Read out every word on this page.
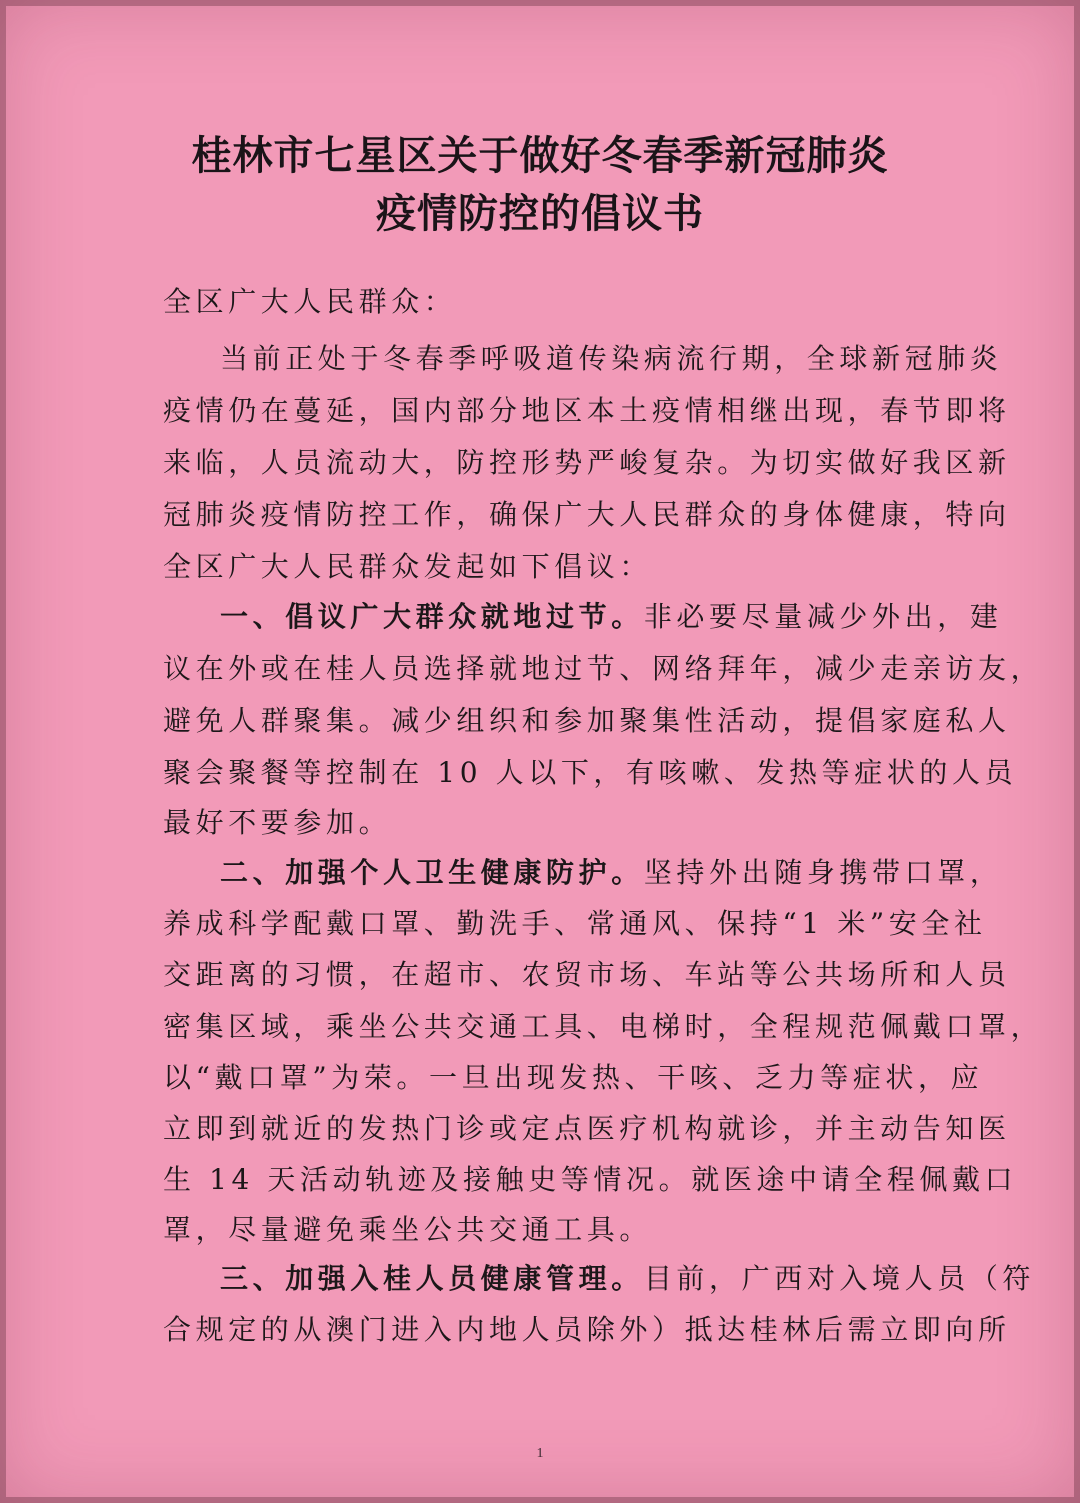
桂林市七星区关于做好冬春季新冠肺炎
疫情防控的倡议书
全区广大人民群众：
当前正处于冬春季呼吸道传染病流行期，全球新冠肺炎
疫情仍在蔓延，国内部分地区本土疫情相继出现，春节即将
来临，人员流动大，防控形势严峻复杂。为切实做好我区新
冠肺炎疫情防控工作，确保广大人民群众的身体健康，特向
全区广大人民群众发起如下倡议：
一、倡议广大群众就地过节。非必要尽量减少外出，建
议在外或在桂人员选择就地过节、网络拜年，减少走亲访友，
避免人群聚集。减少组织和参加聚集性活动，提倡家庭私人
聚会聚餐等控制在 10 人以下，有咳嗽、发热等症状的人员
最好不要参加。
二、加强个人卫生健康防护。坚持外出随身携带口罩，
养成科学配戴口罩、勤洗手、常通风、保持“1 米”安全社
交距离的习惯，在超市、农贸市场、车站等公共场所和人员
密集区域，乘坐公共交通工具、电梯时，全程规范佩戴口罩，
以“戴口罩”为荣。一旦出现发热、干咳、乏力等症状，应
立即到就近的发热门诊或定点医疗机构就诊，并主动告知医
生 14 天活动轨迹及接触史等情况。就医途中请全程佩戴口
罩，尽量避免乘坐公共交通工具。
三、加强入桂人员健康管理。目前，广西对入境人员（符
合规定的从澳门进入内地人员除外）抵达桂林后需立即向所
1
